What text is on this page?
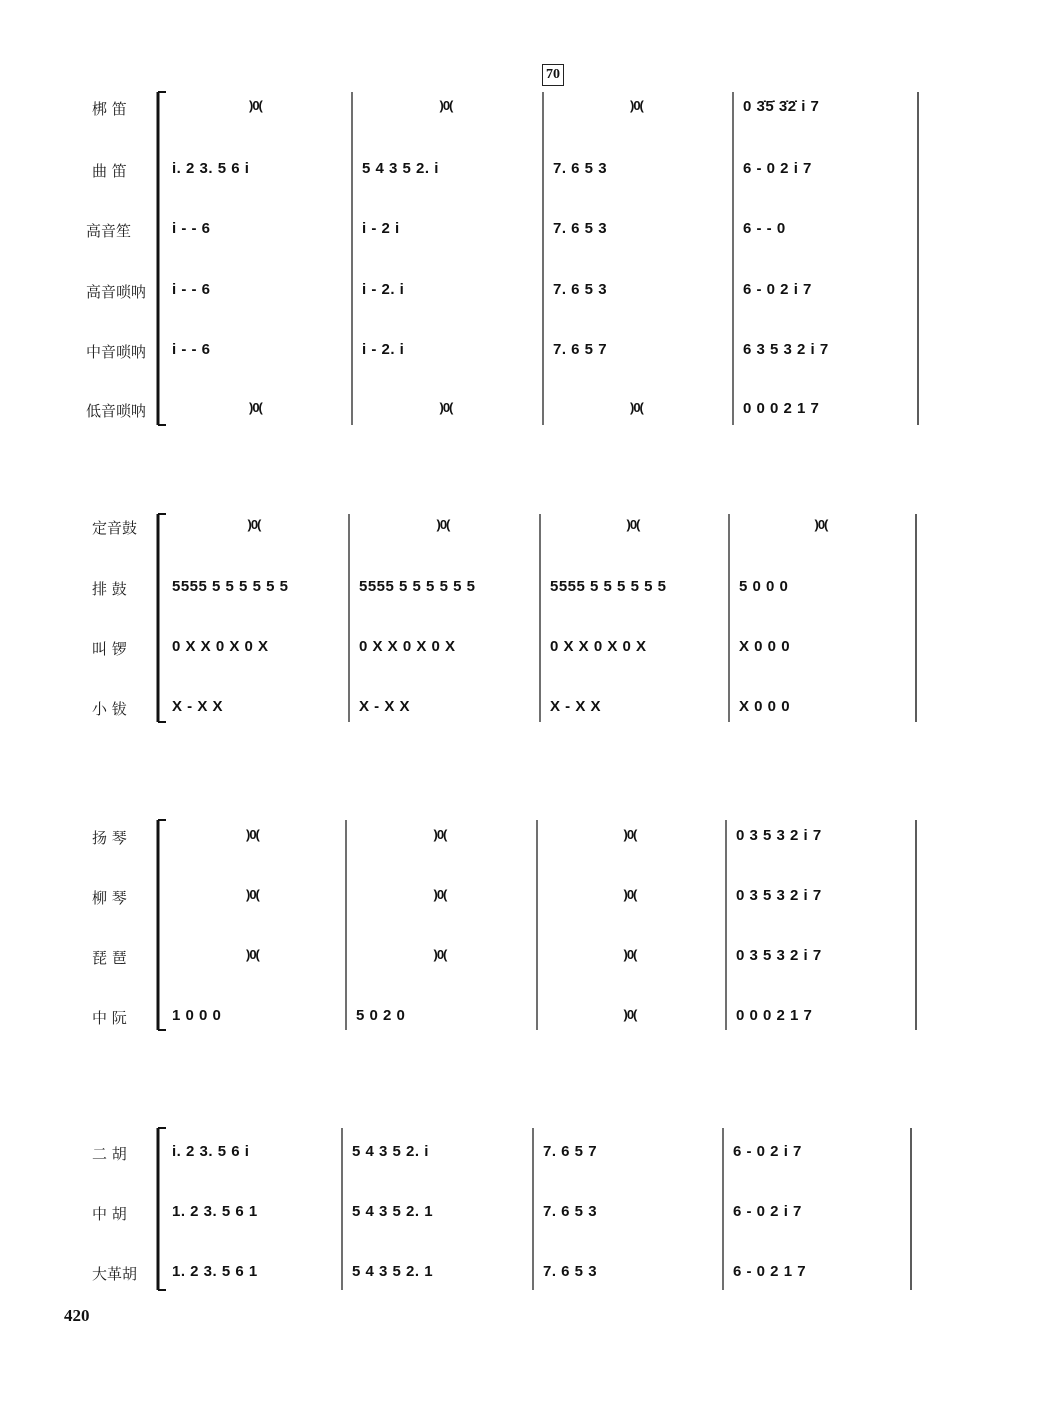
70
420
梆 笛	)0(	)0(	)0(	0 3̇5̇ 3̇2̇ i 7
曲 笛	i. 2 3. 5 6 i	5 4 3 5 2. i	7. 6 5 3	6 - 0 2 i 7
高音笙	i - - 6	i - 2 i	7. 6 5 3	6 - - 0
高音唢呐 i - - 6	i - 2. i	7. 6 5 3	6 - 0 2 i 7
中音唢呐 i - - 6	i - 2. i	7. 6 5 7	6 3 5 3 2 i 7
低音唢呐	)0(	)0(	)0(	0 0 0 2 1 7
定音鼓	)0(	)0(	)0(	)0(
排 鼓	5555 5 5 5 5 5 5	5555 5 5 5 5 5 5	5555 5 5 5 5 5 5	5 0 0 0
叫 锣	0 X X 0 X 0 X	0 X X 0 X 0 X	0 X X 0 X 0 X	X 0 0 0
小 钹	X - X X	X - X X	X - X X	X 0 0 0
扬 琴	)0(	)0(	)0(	0 3 5 3 2 i 7
柳 琴	)0(	)0(	)0(	0 3 5 3 2 i 7
琵 琶	)0(	)0(	)0(	0 3 5 3 2 i 7
中 阮	1 0 0 0	5 0 2 0	)0(	0 0 0 2 1 7
二 胡	i. 2 3. 5 6 i	5 4 3 5 2. i	7. 6 5 7	6 - 0 2 i 7
中 胡	1. 2 3. 5 6 1	5 4 3 5 2. 1	7. 6 5 3	6 - 0 2 i 7
大革胡 1. 2 3. 5 6 1	5 4 3 5 2. 1	7. 6 5 3	6 - 0 2 1 7
